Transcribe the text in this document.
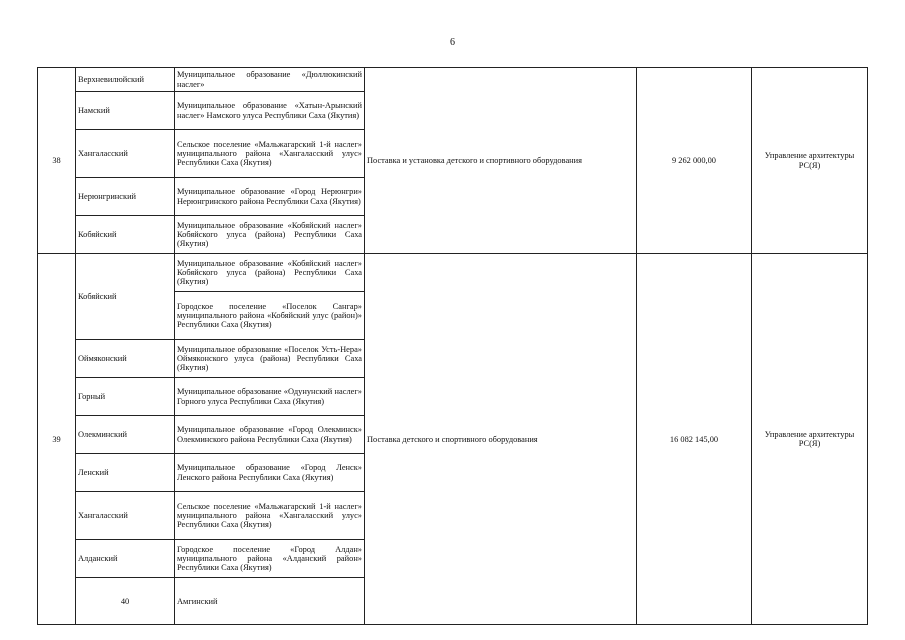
6
38	Верхневилюйский	Муниципальное образование «Дюллюкинский наслег»	Поставка и установка детского и спортивного оборудования	9 262 000,00	Управление архитектуры РС(Я)	
	Намский	Муниципальное образование «Хатын-Арынский наслег» Намского улуса Республики Саха (Якутия)				
	Хангаласский	Сельское поселение «Мальжагарский 1-й наслег» муниципального района «Хангаласский улус» Республики Саха (Якутия)				
	Нерюнгринский	Муниципальное образование «Город Нерюнгри» Нерюнгринского района Республики Саха (Якутия)				
	Кобяйский	Муниципальное образование «Кобяйский наслег» Кобяйского улуса (района) Республики Саха (Якутия)				
39	Кобяйский	Муниципальное образование «Кобяйский наслег» Кобяйского улуса (района) Республики Саха (Якутия)	Поставка детского и спортивного оборудования	16 082 145,00	Управление архитектуры РС(Я)	
		Городское поселение «Поселок Сангар» муниципального района «Кобяйский улус (район)» Республики Саха (Якутия)				
	Оймяконский	Муниципальное образование «Поселок Усть-Нера» Оймяконского улуса (района) Республики Саха (Якутия)				
	Горный	Муниципальное образование «Одунунский наслег» Горного улуса Республики Саха (Якутия)				
	Олекминский	Муниципальное образование «Город Олекминск» Олекминского района Республики Саха (Якутия)				
	Ленский	Муниципальное образование «Город Ленск» Ленского района Республики Саха (Якутия)				
	Хангаласский	Сельское поселение «Мальжагарский 1-й наслег» муниципального района «Хангаласский улус» Республики Саха (Якутия)				
	Алданский	Городское поселение «Город Алдан» муниципального района «Алданский район» Республики Саха (Якутия)				
	40	Амгинский	
